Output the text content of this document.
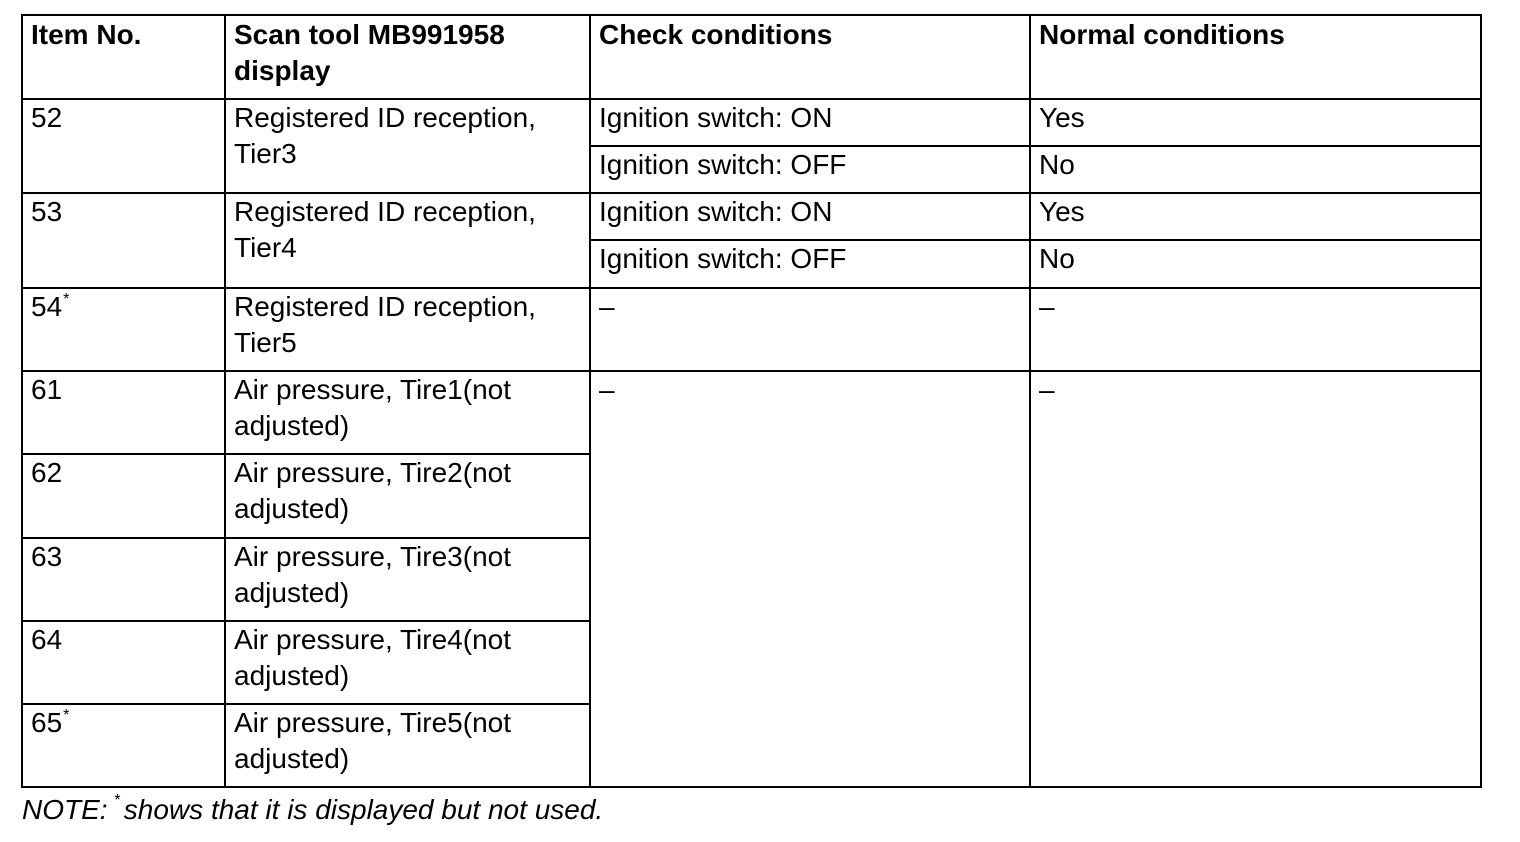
Item No.	Scan tool MB991958 display	Check conditions	Normal conditions
52	Registered ID reception, Tier3	Ignition switch: ON	Yes
		Ignition switch: OFF	No
53	Registered ID reception, Tier4	Ignition switch: ON	Yes
		Ignition switch: OFF	No
54*	Registered ID reception, Tier5	–	–
61	Air pressure, Tire1(not adjusted)	–	–
62	Air pressure, Tire2(not adjusted)		
63	Air pressure, Tire3(not adjusted)		
64	Air pressure, Tire4(not adjusted)		
65*	Air pressure, Tire5(not adjusted)		
NOTE: * shows that it is displayed but not used.
